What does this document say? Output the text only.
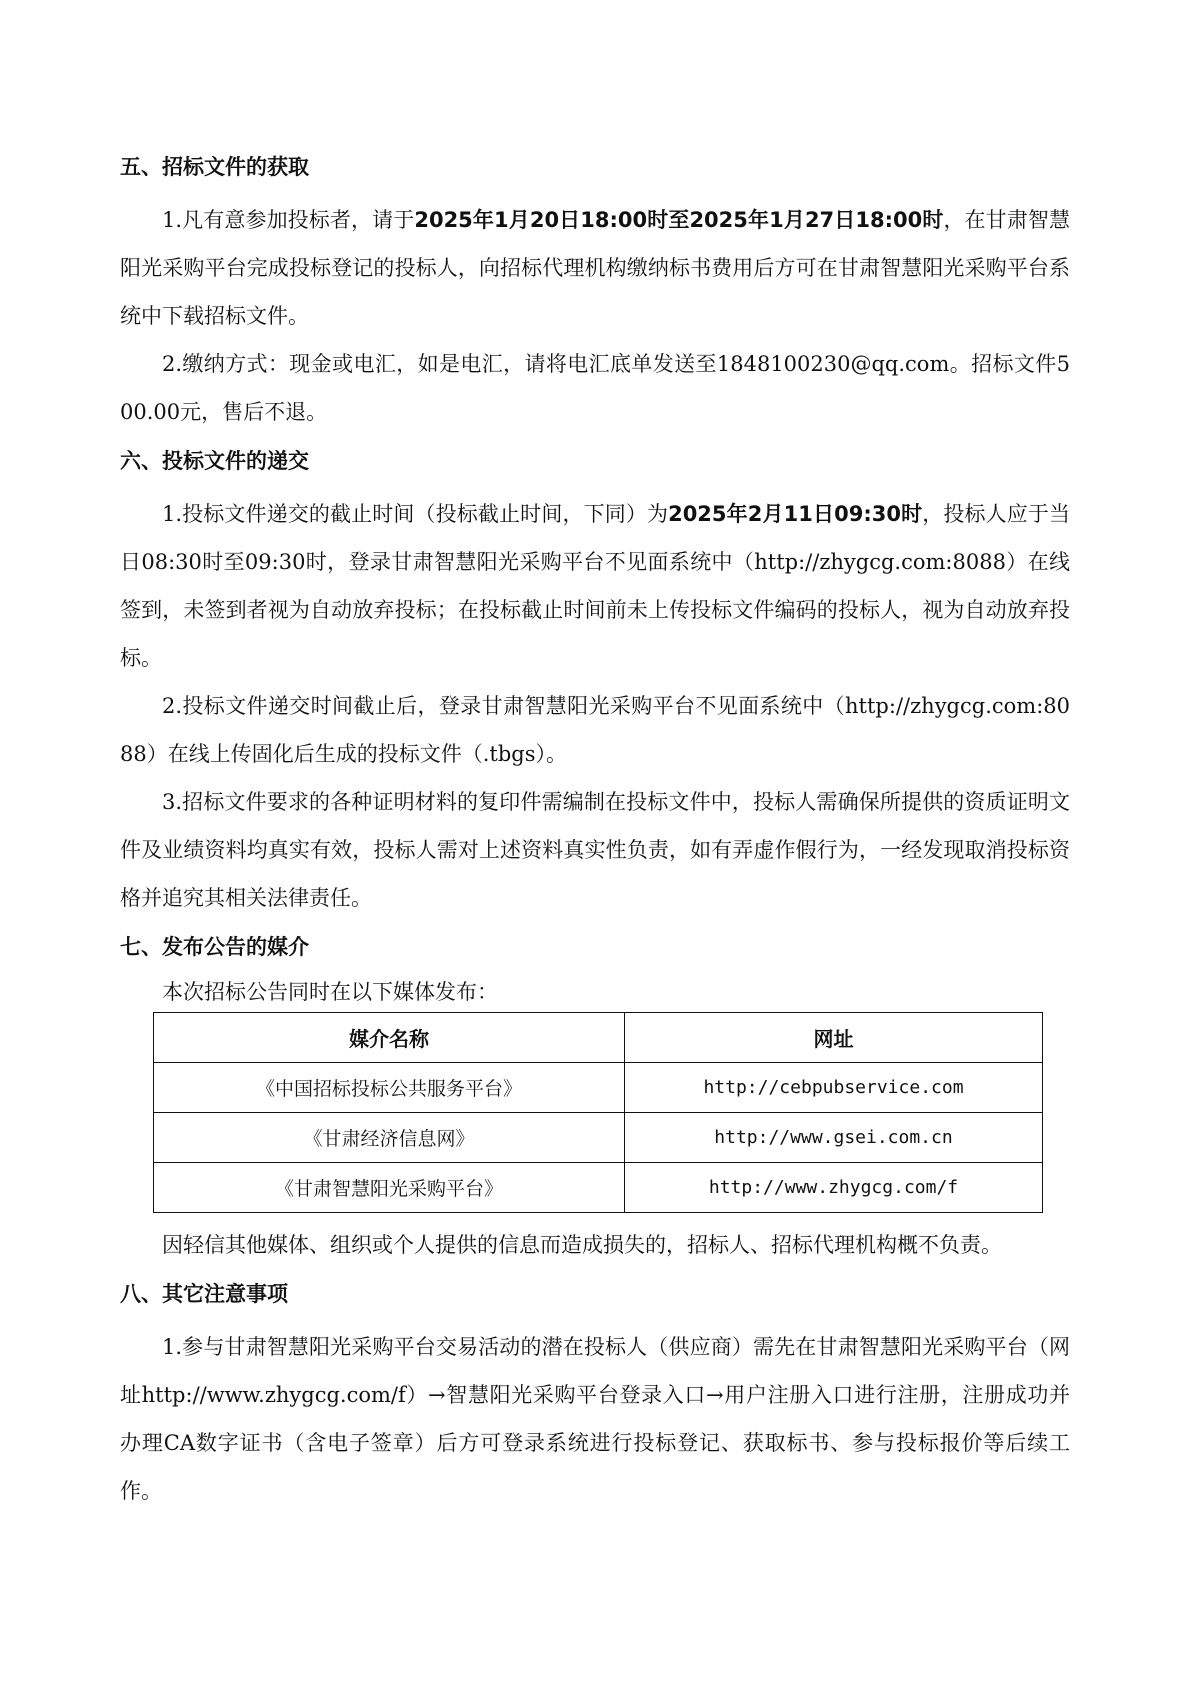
五、招标文件的获取

1.凡有意参加投标者，请于2025年1月20日18:00时至2025年1月27日18:00时，在甘肃智慧阳光采购平台完成投标登记的投标人，向招标代理机构缴纳标书费用后方可在甘肃智慧阳光采购平台系统中下载招标文件。

2.缴纳方式：现金或电汇，如是电汇，请将电汇底单发送至1848100230@qq.com。招标文件500.00元，售后不退。

六、投标文件的递交

1.投标文件递交的截止时间（投标截止时间，下同）为2025年2月11日09:30时，投标人应于当日08:30时至09:30时，登录甘肃智慧阳光采购平台不见面系统中（http://zhygcg.com:8088）在线签到，未签到者视为自动放弃投标；在投标截止时间前未上传投标文件编码的投标人，视为自动放弃投标。

2.投标文件递交时间截止后，登录甘肃智慧阳光采购平台不见面系统中（http://zhygcg.com:8088）在线上传固化后生成的投标文件（.tbgs）。

3.招标文件要求的各种证明材料的复印件需编制在投标文件中，投标人需确保所提供的资质证明文件及业绩资料均真实有效，投标人需对上述资料真实性负责，如有弄虚作假行为，一经发现取消投标资格并追究其相关法律责任。

七、发布公告的媒介

本次招标公告同时在以下媒体发布：

媒介名称	网址
《中国招标投标公共服务平台》	http://cebpubservice.com
《甘肃经济信息网》	http://www.gsei.com.cn
《甘肃智慧阳光采购平台》	http://www.zhygcg.com/f

因轻信其他媒体、组织或个人提供的信息而造成损失的，招标人、招标代理机构概不负责。

八、其它注意事项

1.参与甘肃智慧阳光采购平台交易活动的潜在投标人（供应商）需先在甘肃智慧阳光采购平台（网址http://www.zhygcg.com/f）→智慧阳光采购平台登录入口→用户注册入口进行注册，注册成功并办理CA数字证书（含电子签章）后方可登录系统进行投标登记、获取标书、参与投标报价等后续工作。
